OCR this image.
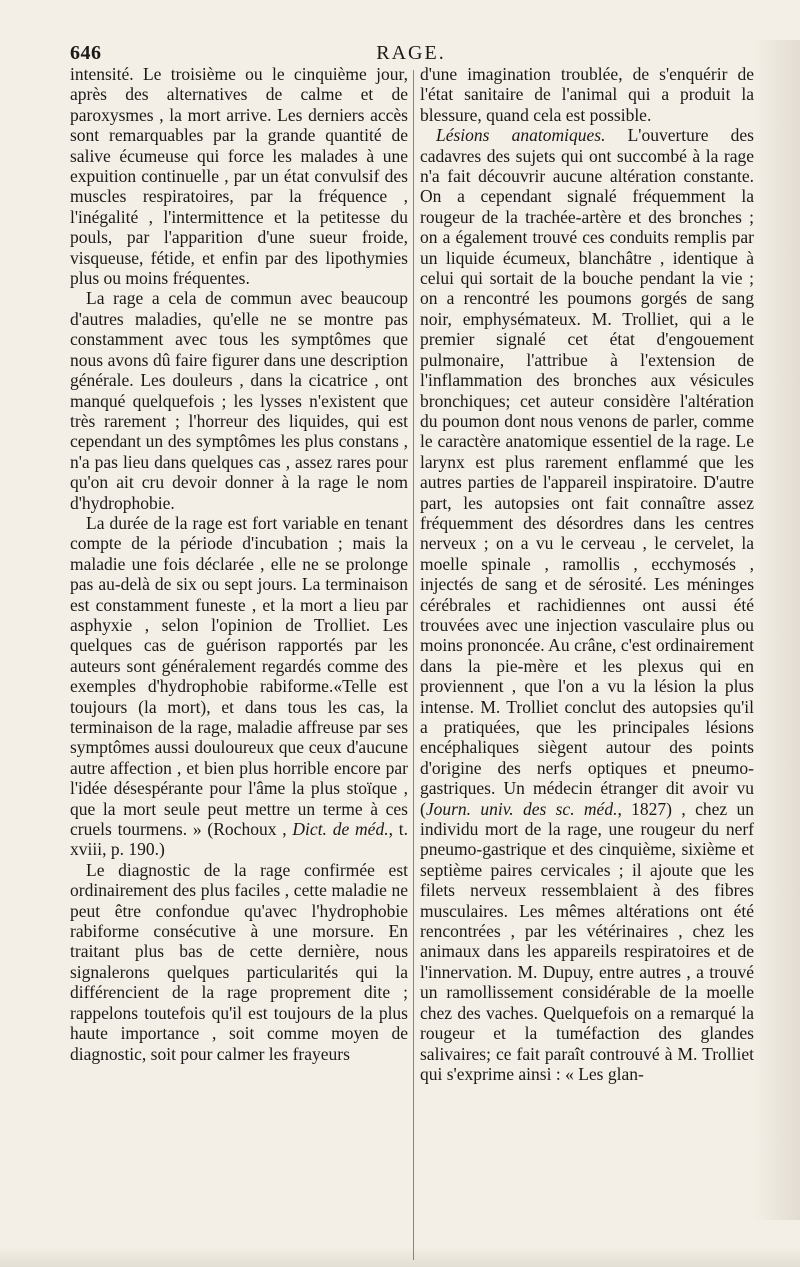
646	RAGE.

intensité. Le troisième ou le cinquième jour, après des alternatives de calme et de paroxysmes , la mort arrive. Les derniers accès sont remarquables par la grande quantité de salive écumeuse qui force les malades à une expuition continuelle , par un état convulsif des muscles respiratoires, par la fréquence , l'inégalité , l'intermittence et la petitesse du pouls, par l'apparition d'une sueur froide, visqueuse, fétide, et enfin par des lipothymies plus ou moins fréquentes.

La rage a cela de commun avec beaucoup d'autres maladies, qu'elle ne se montre pas constamment avec tous les symptômes que nous avons dû faire figurer dans une description générale. Les douleurs , dans la cicatrice , ont manqué quelquefois ; les lysses n'existent que très rarement ; l'horreur des liquides, qui est cependant un des symptômes les plus constans , n'a pas lieu dans quelques cas , assez rares pour qu'on ait cru devoir donner à la rage le nom d'hydrophobie.

La durée de la rage est fort variable en tenant compte de la période d'incubation ; mais la maladie une fois déclarée , elle ne se prolonge pas au-delà de six ou sept jours. La terminaison est constamment funeste , et la mort a lieu par asphyxie , selon l'opinion de Trolliet. Les quelques cas de guérison rapportés par les auteurs sont généralement regardés comme des exemples d'hydrophobie rabiforme.«Telle est toujours (la mort), et dans tous les cas, la terminaison de la rage, maladie affreuse par ses symptômes aussi douloureux que ceux d'aucune autre affection , et bien plus horrible encore par l'idée désespérante pour l'âme la plus stoïque , que la mort seule peut mettre un terme à ces cruels tourmens. » (Rochoux , Dict. de méd., t. xviii, p. 190.)

Le diagnostic de la rage confirmée est ordinairement des plus faciles , cette maladie ne peut être confondue qu'avec l'hydrophobie rabiforme consécutive à une morsure. En traitant plus bas de cette dernière, nous signalerons quelques particularités qui la différencient de la rage proprement dite ; rappelons toutefois qu'il est toujours de la plus haute importance , soit comme moyen de diagnostic, soit pour calmer les frayeurs

d'une imagination troublée, de s'enquérir de l'état sanitaire de l'animal qui a produit la blessure, quand cela est possible.

Lésions anatomiques. L'ouverture des cadavres des sujets qui ont succombé à la rage n'a fait découvrir aucune altération constante. On a cependant signalé fréquemment la rougeur de la trachée-artère et des bronches ; on a également trouvé ces conduits remplis par un liquide écumeux, blanchâtre , identique à celui qui sortait de la bouche pendant la vie ; on a rencontré les poumons gorgés de sang noir, emphysémateux. M. Trolliet, qui a le premier signalé cet état d'engouement pulmonaire, l'attribue à l'extension de l'inflammation des bronches aux vésicules bronchiques; cet auteur considère l'altération du poumon dont nous venons de parler, comme le caractère anatomique essentiel de la rage. Le larynx est plus rarement enflammé que les autres parties de l'appareil inspiratoire. D'autre part, les autopsies ont fait connaître assez fréquemment des désordres dans les centres nerveux ; on a vu le cerveau , le cervelet, la moelle spinale , ramollis , ecchymosés , injectés de sang et de sérosité. Les méninges cérébrales et rachidiennes ont aussi été trouvées avec une injection vasculaire plus ou moins prononcée. Au crâne, c'est ordinairement dans la pie-mère et les plexus qui en proviennent , que l'on a vu la lésion la plus intense. M. Trolliet conclut des autopsies qu'il a pratiquées, que les principales lésions encéphaliques siègent autour des points d'origine des nerfs optiques et pneumo-gastriques. Un médecin étranger dit avoir vu (Journ. univ. des sc. méd., 1827) , chez un individu mort de la rage, une rougeur du nerf pneumo-gastrique et des cinquième, sixième et septième paires cervicales ; il ajoute que les filets nerveux ressemblaient à des fibres musculaires. Les mêmes altérations ont été rencontrées , par les vétérinaires , chez les animaux dans les appareils respiratoires et de l'innervation. M. Dupuy, entre autres , a trouvé un ramollissement considérable de la moelle chez des vaches. Quelquefois on a remarqué la rougeur et la tuméfaction des glandes salivaires; ce fait paraît controuvé à M. Trolliet qui s'exprime ainsi : « Les glan-
